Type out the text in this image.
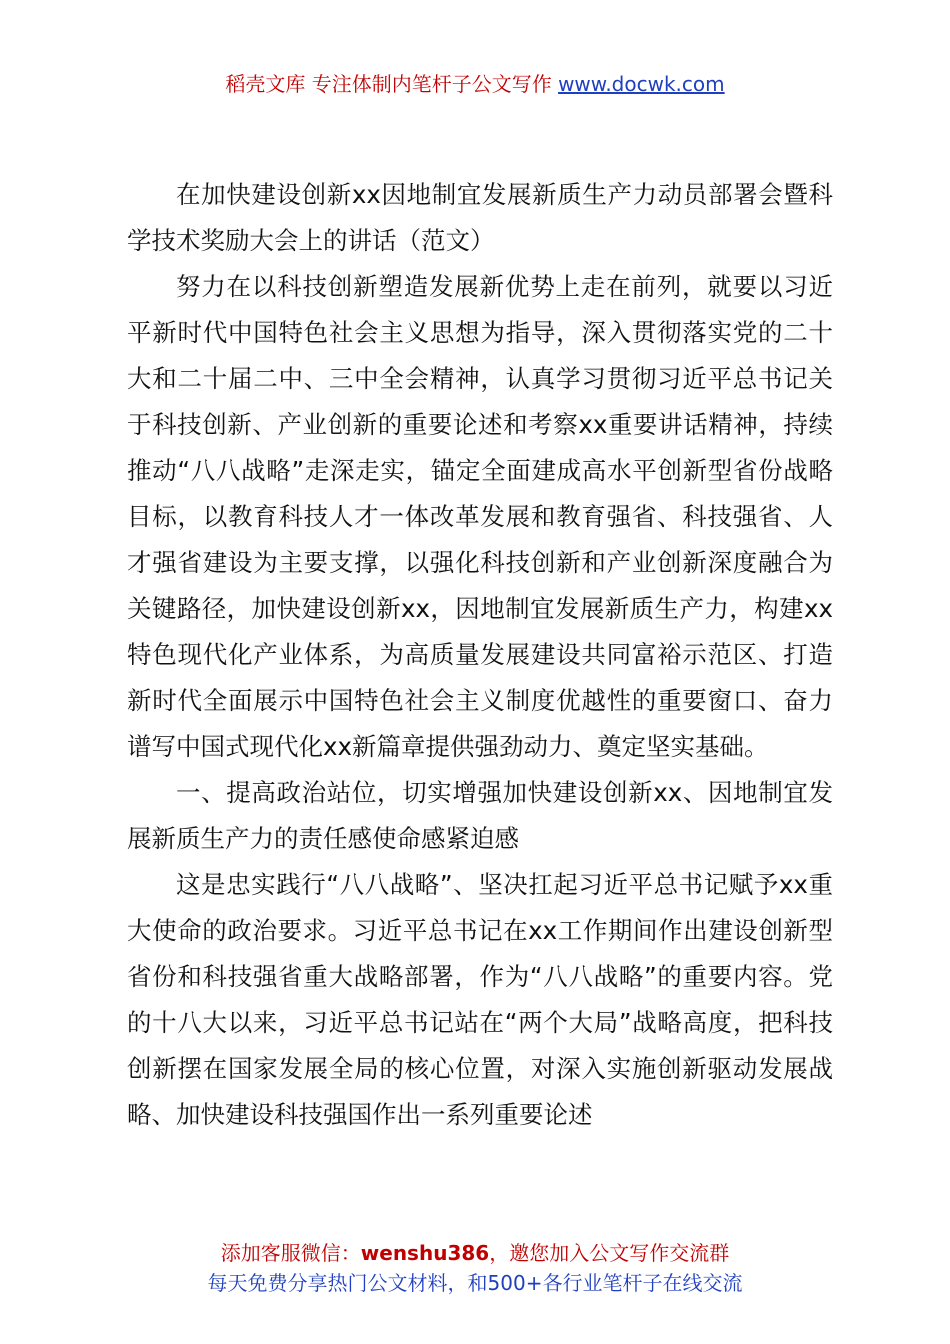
稻壳文库 专注体制内笔杆子公文写作 www.docwk.com

在加快建设创新xx因地制宜发展新质生产力动员部署会暨科学技术奖励大会上的讲话（范文）

努力在以科技创新塑造发展新优势上走在前列，就要以习近平新时代中国特色社会主义思想为指导，深入贯彻落实党的二十大和二十届二中、三中全会精神，认真学习贯彻习近平总书记关于科技创新、产业创新的重要论述和考察xx重要讲话精神，持续推动“八八战略”走深走实，锚定全面建成高水平创新型省份战略目标，以教育科技人才一体改革发展和教育强省、科技强省、人才强省建设为主要支撑，以强化科技创新和产业创新深度融合为关键路径，加快建设创新xx，因地制宜发展新质生产力，构建xx特色现代化产业体系，为高质量发展建设共同富裕示范区、打造新时代全面展示中国特色社会主义制度优越性的重要窗口、奋力谱写中国式现代化xx新篇章提供强劲动力、奠定坚实基础。

一、提高政治站位，切实增强加快建设创新xx、因地制宜发展新质生产力的责任感使命感紧迫感

这是忠实践行“八八战略”、坚决扛起习近平总书记赋予xx重大使命的政治要求。习近平总书记在xx工作期间作出建设创新型省份和科技强省重大战略部署，作为“八八战略”的重要内容。党的十八大以来，习近平总书记站在“两个大局”战略高度，把科技创新摆在国家发展全局的核心位置，对深入实施创新驱动发展战略、加快建设科技强国作出一系列重要论述

添加客服微信：wenshu386，邀您加入公文写作交流群
每天免费分享热门公文材料，和500+各行业笔杆子在线交流
